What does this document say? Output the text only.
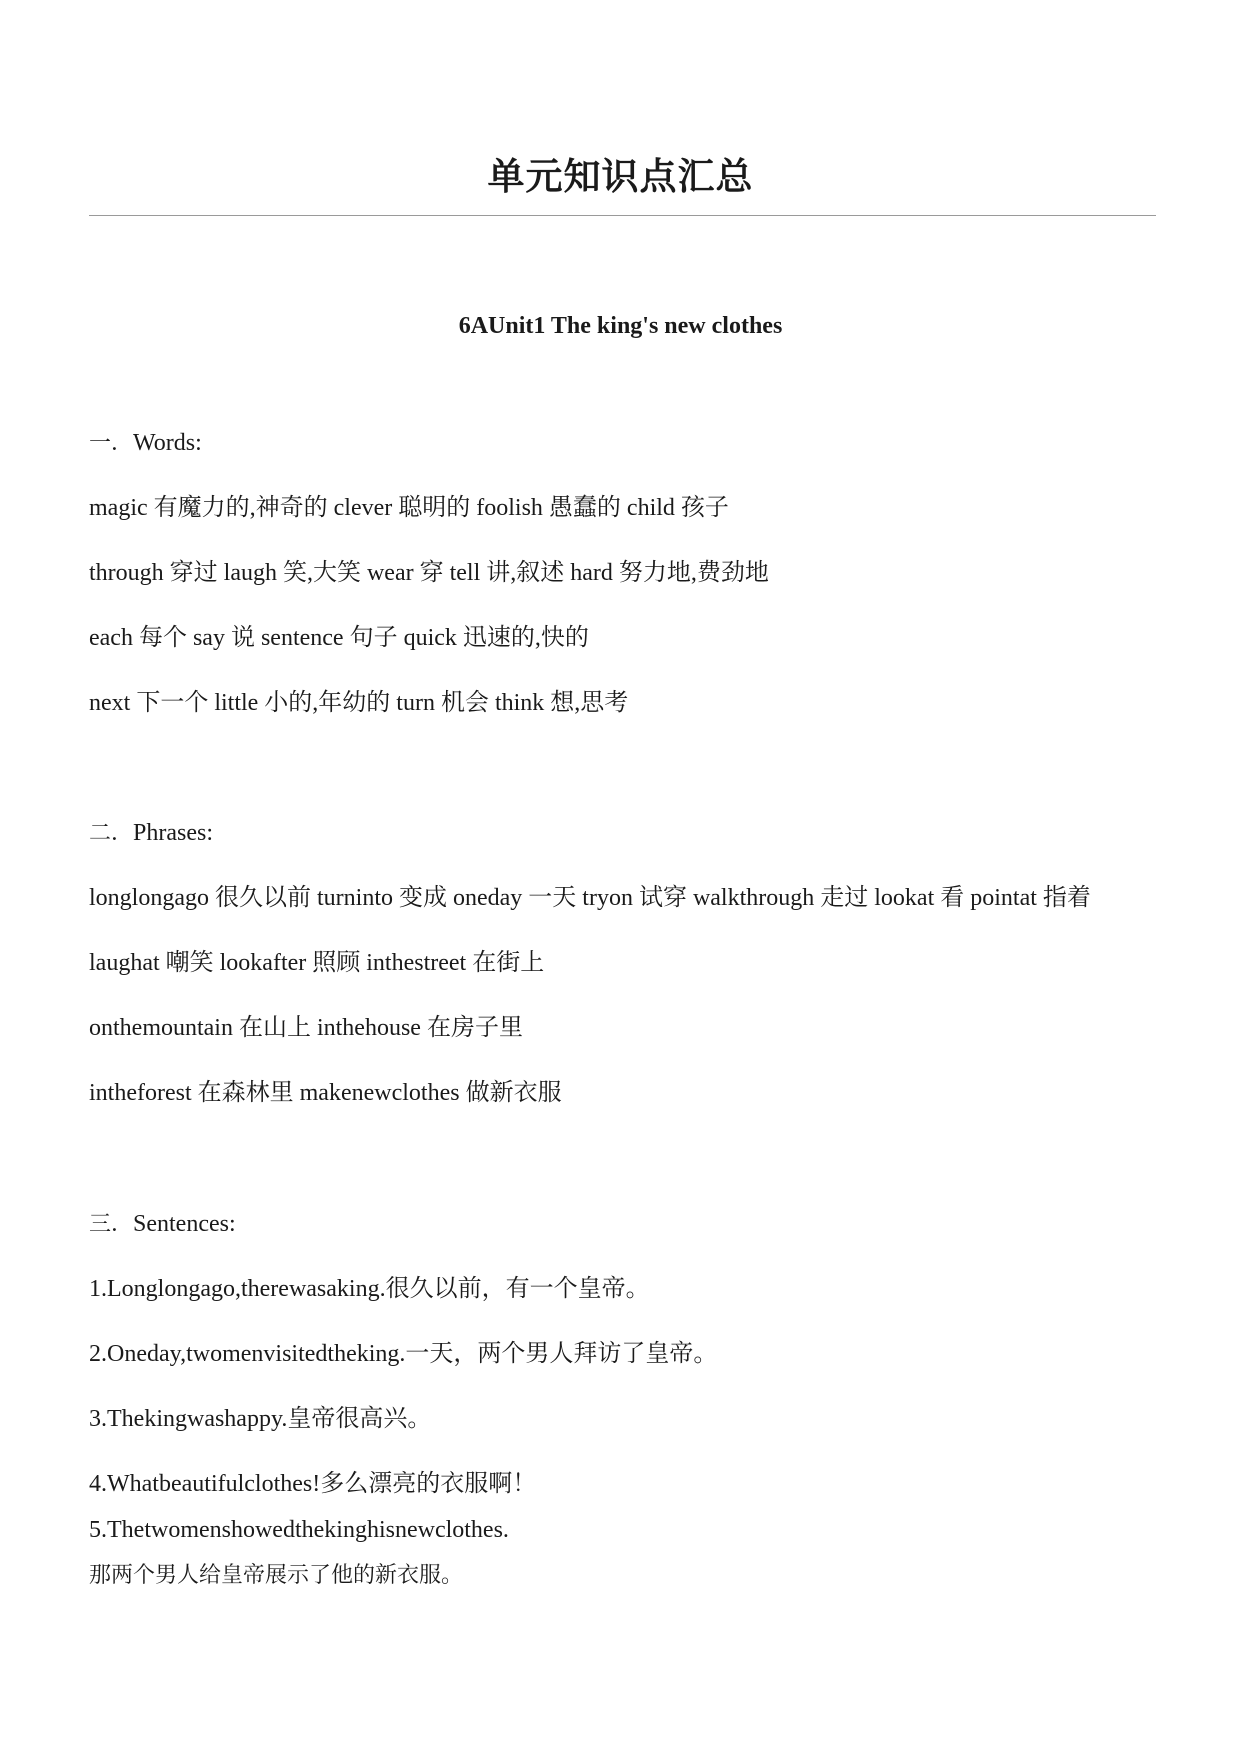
单元知识点汇总
6AUnit1 The king's new clothes
一．Words:
magic 有魔力的,神奇的 clever 聪明的 foolish 愚蠢的 child 孩子
through 穿过 laugh 笑,大笑 wear 穿 tell 讲,叙述 hard 努力地,费劲地
each 每个 say 说 sentence 句子 quick 迅速的,快的
next 下一个 little 小的,年幼的 turn 机会 think 想,思考
二．Phrases:
longlongago 很久以前 turninto 变成 oneday 一天 tryon 试穿 walkthrough 走过 lookat 看 pointat 指着
laughat 嘲笑 lookafter 照顾 inthestreet 在街上
onthemountain 在山上 inthehouse 在房子里
intheforest 在森林里 makenewclothes 做新衣服
三．Sentences:
1.Longlongago,therewasaking.很久以前，有一个皇帝。
2.Oneday,twomenvisitedtheking.一天，两个男人拜访了皇帝。
3.Thekingwashappy.皇帝很高兴。
4.Whatbeautifulclothes!多么漂亮的衣服啊！
5.Thetwomenshowedthekinghisnewclothes.
那两个男人给皇帝展示了他的新衣服。
